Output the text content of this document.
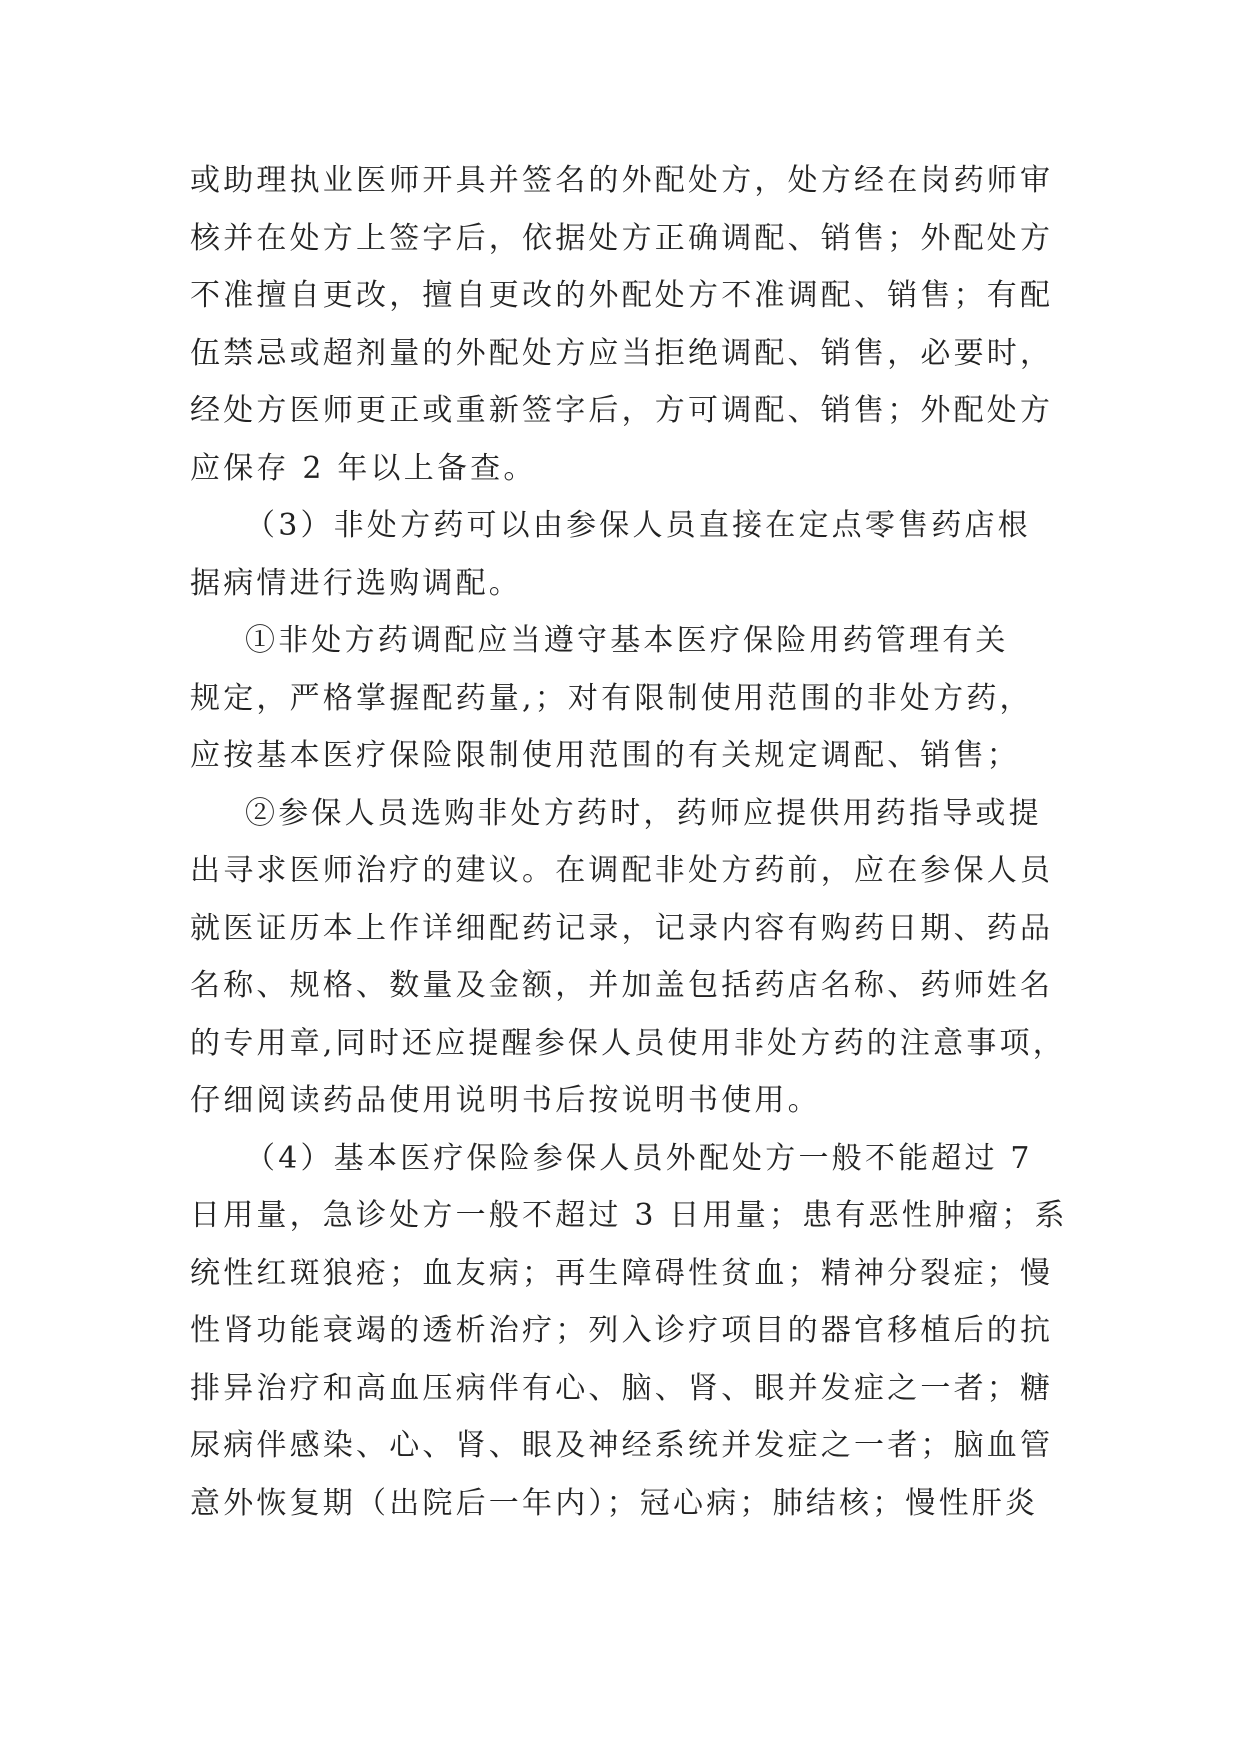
或助理执业医师开具并签名的外配处方，处方经在岗药师审
核并在处方上签字后，依据处方正确调配、销售；外配处方
不准擅自更改，擅自更改的外配处方不准调配、销售；有配
伍禁忌或超剂量的外配处方应当拒绝调配、销售，必要时，
经处方医师更正或重新签字后，方可调配、销售；外配处方
应保存 2 年以上备查。
（3）非处方药可以由参保人员直接在定点零售药店根
据病情进行选购调配。
①非处方药调配应当遵守基本医疗保险用药管理有关
规定，严格掌握配药量,；对有限制使用范围的非处方药，
应按基本医疗保险限制使用范围的有关规定调配、销售；
②参保人员选购非处方药时，药师应提供用药指导或提
出寻求医师治疗的建议。在调配非处方药前，应在参保人员
就医证历本上作详细配药记录，记录内容有购药日期、药品
名称、规格、数量及金额，并加盖包括药店名称、药师姓名
的专用章,同时还应提醒参保人员使用非处方药的注意事项，
仔细阅读药品使用说明书后按说明书使用。
（4）基本医疗保险参保人员外配处方一般不能超过 7
日用量，急诊处方一般不超过 3 日用量；患有恶性肿瘤；系
统性红斑狼疮；血友病；再生障碍性贫血；精神分裂症；慢
性肾功能衰竭的透析治疗；列入诊疗项目的器官移植后的抗
排异治疗和高血压病伴有心、脑、肾、眼并发症之一者；糖
尿病伴感染、心、肾、眼及神经系统并发症之一者；脑血管
意外恢复期（出院后一年内）；冠心病；肺结核；慢性肝炎
